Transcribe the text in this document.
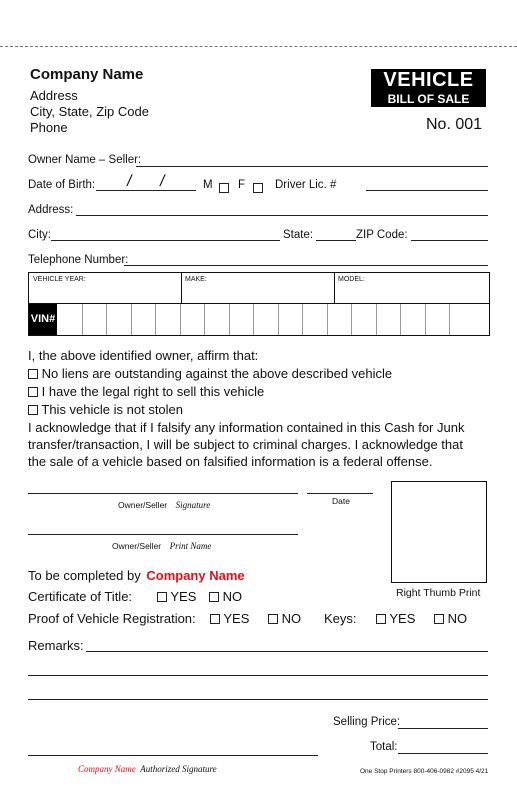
Company Name
Address
City, State, Zip Code
Phone
VEHICLE
BILL OF SALE
No. 001
Owner Name – Seller:
Date of Birth: / /	M F	Driver Lic. #
Address:
City:	State:	ZIP Code:
Telephone Number:
VEHICLE YEAR:	MAKE:	MODEL:
VIN#
I, the above identified owner, affirm that:
No liens are outstanding against the above described vehicle
I have the legal right to sell this vehicle
This vehicle is not stolen
I acknowledge that if I falsify any information contained in this Cash for Junk
transfer/transaction, I will be subject to criminal charges. I acknowledge that
the sale of a vehicle based on falsified information is a federal offense.
Owner/Seller Signature	Date
Owner/Seller Print Name
Right Thumb Print
To be completed by Company Name
Certificate of Title:	YES	NO
Proof of Vehicle Registration:	YES	NO Keys:	YES	NO
Remarks:
Selling Price:
Total:
Company Name Authorized Signature	One Stop Printers 800-406-0982 #2095 4/21
